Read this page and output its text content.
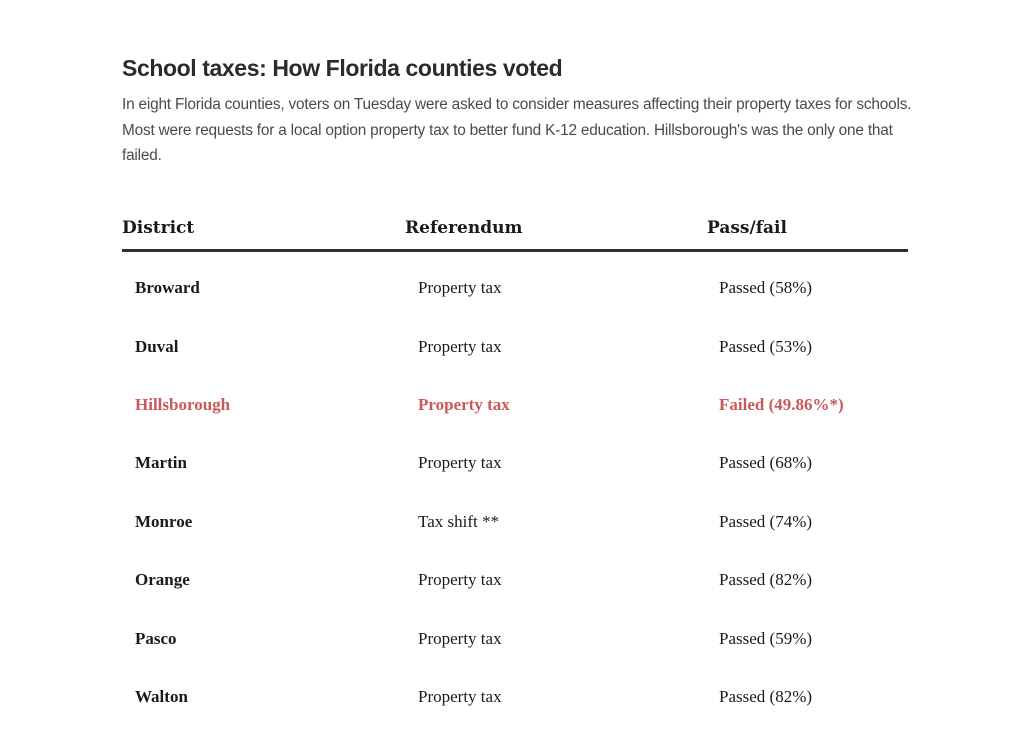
School taxes: How Florida counties voted

In eight Florida counties, voters on Tuesday were asked to consider measures affecting their property taxes for schools. Most were requests for a local option property tax to better fund K-12 education. Hillsborough's was the only one that failed.

District	Referendum	Pass/fail
Broward	Property tax	Passed (58%)
Duval	Property tax	Passed (53%)
Hillsborough	Property tax	Failed (49.86%*)
Martin	Property tax	Passed (68%)
Monroe	Tax shift **	Passed (74%)
Orange	Property tax	Passed (82%)
Pasco	Property tax	Passed (59%)
Walton	Property tax	Passed (82%)
